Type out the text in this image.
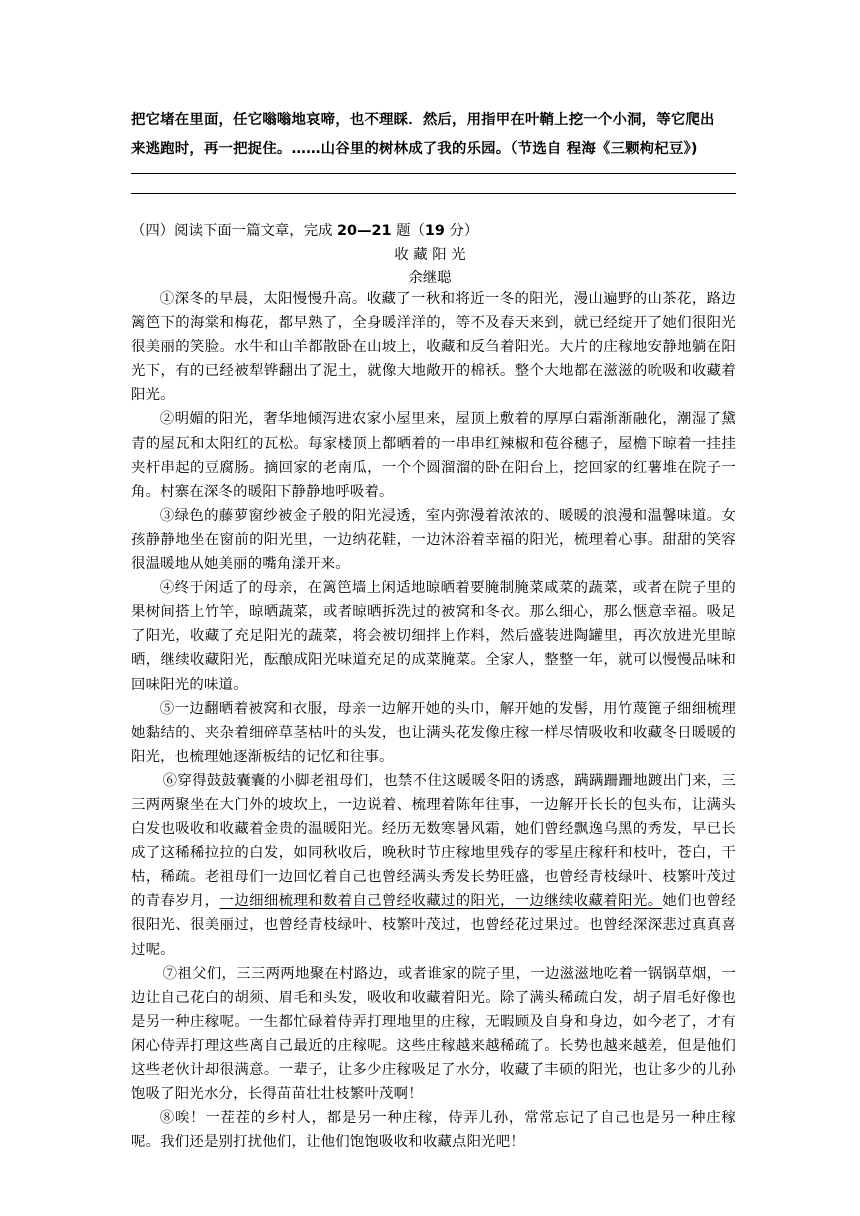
把它堵在里面，任它嗡嗡地哀啼，也不理睬．然后，用指甲在叶鞘上挖一个小洞，等它爬出
来逃跑时，再一把捉住。……山谷里的树林成了我的乐园。（节选自 程海《三颗枸杞豆》)
（四）阅读下面一篇文章，完成 20—21 题（19 分）
收 藏 阳 光
余继聪

①深冬的早晨，太阳慢慢升高。收藏了一秋和将近一冬的阳光，漫山遍野的山茶花，路边篱笆下的海棠和梅花，都早熟了，全身暖洋洋的，等不及春天来到，就已经绽开了她们很阳光很美丽的笑脸。水牛和山羊都散卧在山坡上，收藏和反刍着阳光。大片的庄稼地安静地躺在阳光下，有的已经被犁铧翻出了泥土，就像大地敞开的棉袄。整个大地都在滋滋的吮吸和收藏着阳光。

②明媚的阳光，奢华地倾泻进农家小屋里来，屋顶上敷着的厚厚白霜渐渐融化，潮湿了黛青的屋瓦和太阳红的瓦松。每家楼顶上都晒着的一串串红辣椒和苞谷穗子，屋檐下晾着一挂挂夹杆串起的豆腐肠。摘回家的老南瓜，一个个圆溜溜的卧在阳台上，挖回家的红薯堆在院子一角。村寨在深冬的暖阳下静静地呼吸着。

③绿色的藤萝窗纱被金子般的阳光浸透，室内弥漫着浓浓的、暖暖的浪漫和温馨味道。女孩静静地坐在窗前的阳光里，一边纳花鞋，一边沐浴着幸福的阳光，梳理着心事。甜甜的笑容很温暖地从她美丽的嘴角漾开来。

④终于闲适了的母亲，在篱笆墙上闲适地晾晒着要腌制腌菜咸菜的蔬菜，或者在院子里的果树间搭上竹竿，晾晒蔬菜，或者晾晒拆洗过的被窝和冬衣。那么细心，那么惬意幸福。吸足了阳光，收藏了充足阳光的蔬菜，将会被切细拌上作料，然后盛装进陶罐里，再次放进光里晾晒，继续收藏阳光，酝酿成阳光味道充足的成菜腌菜。全家人，整整一年，就可以慢慢品味和回味阳光的味道。

⑤一边翻晒着被窝和衣服，母亲一边解开她的头巾，解开她的发髻，用竹蔑篦子细细梳理她黏结的、夹杂着细碎草茎枯叶的头发，也让满头花发像庄稼一样尽情吸收和收藏冬日暖暖的阳光，也梳理她逐渐板结的记忆和往事。

⑥穿得鼓鼓囊囊的小脚老祖母们，也禁不住这暖暖冬阳的诱惑，蹒蹒跚跚地踱出门来，三三两两聚坐在大门外的坡坎上，一边说着、梳理着陈年往事，一边解开长长的包头布，让满头白发也吸收和收藏着金贵的温暖阳光。经历无数寒暑风霜，她们曾经飘逸乌黑的秀发，早已长成了这稀稀拉拉的白发，如同秋收后，晚秋时节庄稼地里残存的零星庄稼秆和枝叶，苍白，干枯，稀疏。老祖母们一边回忆着自己也曾经满头秀发长势旺盛，也曾经青枝绿叶、枝繁叶茂过的青春岁月，一边细细梳理和数着自己曾经收藏过的阳光，一边继续收藏着阳光。她们也曾经很阳光、很美丽过，也曾经青枝绿叶、枝繁叶茂过，也曾经花过果过。也曾经深深悲过真真喜过呢。

⑦祖父们，三三两两地聚在村路边，或者谁家的院子里，一边滋滋地吃着一锅锅草烟，一边让自己花白的胡须、眉毛和头发，吸收和收藏着阳光。除了满头稀疏白发，胡子眉毛好像也是另一种庄稼呢。一生都忙碌着侍弄打理地里的庄稼，无暇顾及自身和身边，如今老了，才有闲心侍弄打理这些离自己最近的庄稼呢。这些庄稼越来越稀疏了。长势也越来越差，但是他们这些老伙计却很满意。一辈子，让多少庄稼吸足了水分，收藏了丰硕的阳光，也让多少的儿孙饱吸了阳光水分，长得苗苗壮壮枝繁叶茂啊！

⑧唉！一茬茬的乡村人，都是另一种庄稼，侍弄儿孙，常常忘记了自己也是另一种庄稼呢。我们还是别打扰他们，让他们饱饱吸收和收藏点阳光吧！
